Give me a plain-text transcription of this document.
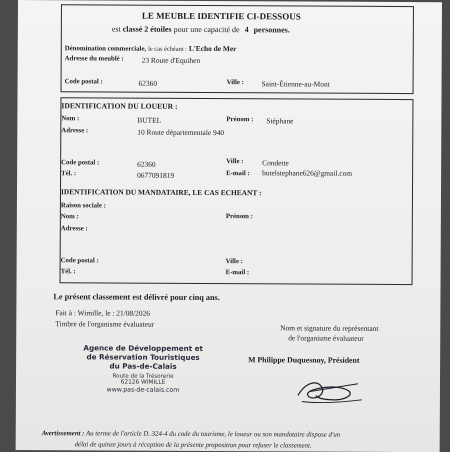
LE MEUBLE IDENTIFIE CI-DESSOUS
est classé 2 étoiles pour une capacité de 4 personnes.
Dénomination commerciale, le cas échéant : L'Echo de Mer
Adresse du meublé : 23 Route d'Equihen
Code postal :	62360	Ville : Saint-Étienne-au-Mont
IDENTIFICATION DU LOUEUR :
Nom :	BUTEL	Prénom : Stéphane
Adresse :	10 Route départementale 940
Code postal :	62360	Ville :	Condette
Tél. :	0677091819	E-mail : butelstephane626@gmail.com
IDENTIFICATION DU MANDATAIRE, LE CAS ECHEANT :
Raison sociale :
Nom :	Prénom :
Adresse :
Code postal :	Ville :
Tél. :	E-mail :
Le présent classement est délivré pour cinq ans.
Fait à : Wimille, le : 21/08/2026
Timbre de l'organisme évaluateur	Nom et signature du représentant
de l'organisme évaluateur
M Philippe Duquesnoy, Président
Agence de Développement et
de Réservation Touristiques
du Pas-de-Calais
Route de la Trésorerie
62126 WIMILLE
www.pas-de-calais.com
Avertissement : Au terme de l'article D. 324-4 du code du tourisme, le loueur ou son mandataire dispose d'un
délai de quinze jours à réception de la présente proposition pour refuser le classement.
